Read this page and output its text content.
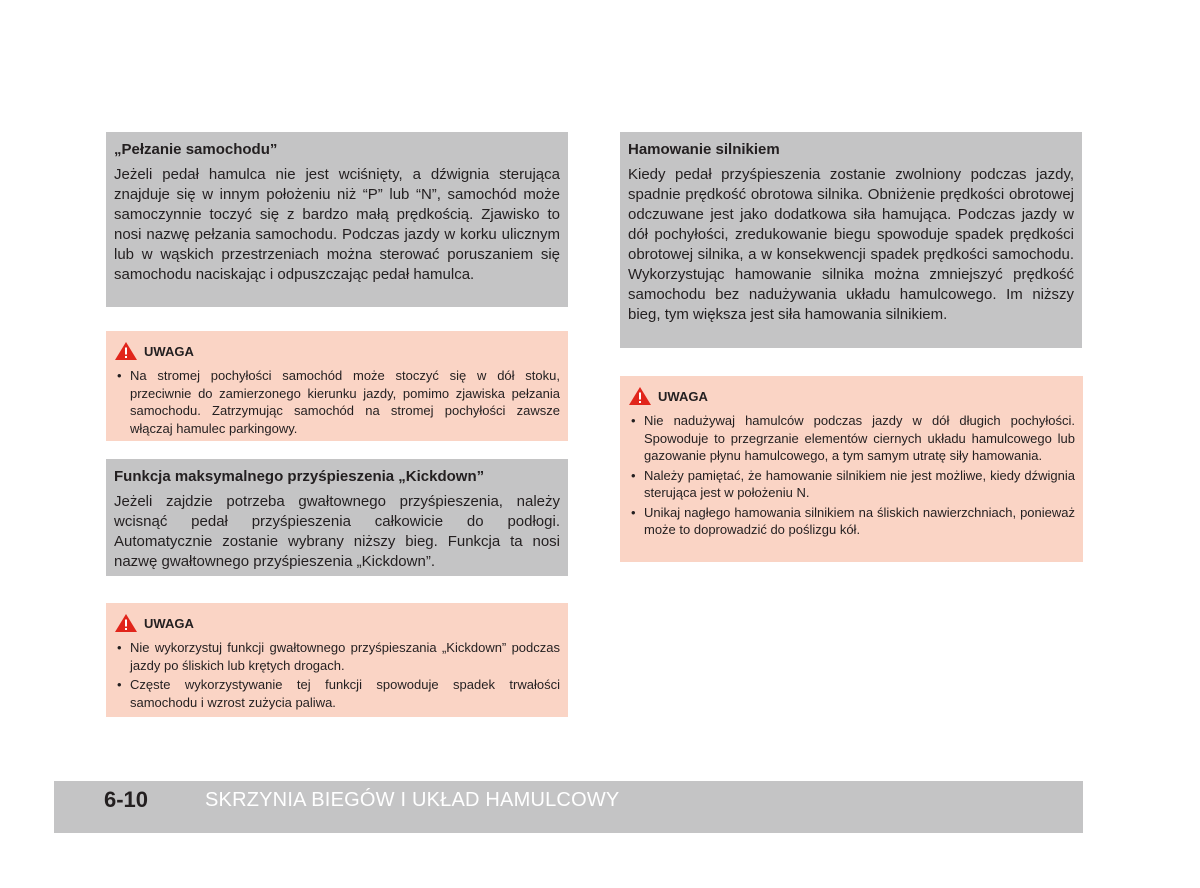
„Pełzanie samochodu”

Jeżeli pedał hamulca nie jest wciśnięty, a dźwignia sterująca znajduje się w innym położeniu niż “P” lub “N”, samochód może samoczynnie toczyć się z bardzo małą prędkością. Zjawisko to nosi nazwę pełzania samochodu. Podczas jazdy w korku ulicznym lub w wąskich przestrzeniach można sterować poruszaniem się samochodu naciskając i odpuszczając pedał hamulca.

UWAGA
• Na stromej pochyłości samochód może stoczyć się w dół stoku, przeciwnie do zamierzonego kierunku jazdy, pomimo zjawiska pełzania samochodu. Zatrzymując samochód na stromej pochyłości zawsze włączaj hamulec parkingowy.
Funkcja maksymalnego przyśpieszenia „Kickdown”

Jeżeli zajdzie potrzeba gwałtownego przyśpieszenia, należy wcisnąć pedał przyśpieszenia całkowicie do podłogi. Automatycznie zostanie wybrany niższy bieg. Funkcja ta nosi nazwę gwałtownego przyśpieszenia „Kickdown”.

UWAGA
• Nie wykorzystuj funkcji gwałtownego przyśpieszania „Kickdown” podczas jazdy po śliskich lub krętych drogach.
• Częste wykorzystywanie tej funkcji spowoduje spadek trwałości samochodu i wzrost zużycia paliwa.
Hamowanie silnikiem

Kiedy pedał przyśpieszenia zostanie zwolniony podczas jazdy, spadnie prędkość obrotowa silnika. Obniżenie prędkości obrotowej odczuwane jest jako dodatkowa siła hamująca. Podczas jazdy w dół pochyłości, zredukowanie biegu spowoduje spadek prędkości obrotowej silnika, a w konsekwencji spadek prędkości samochodu. Wykorzystując hamowanie silnika można zmniejszyć prędkość samochodu bez nadużywania układu hamulcowego. Im niższy bieg, tym większa jest siła hamowania silnikiem.

UWAGA
• Nie nadużywaj hamulców podczas jazdy w dół długich pochyłości. Spowoduje to przegrzanie elementów ciernych układu hamulcowego lub gazowanie płynu hamulcowego, a tym samym utratę siły hamowania.
• Należy pamiętać, że hamowanie silnikiem nie jest możliwe, kiedy dźwignia sterująca jest w położeniu N.
• Unikaj nagłego hamowania silnikiem na śliskich nawierzchniach, ponieważ może to doprowadzić do poślizgu kół.
6-10	SKRZYNIA BIEGÓW I UKŁAD HAMULCOWY
